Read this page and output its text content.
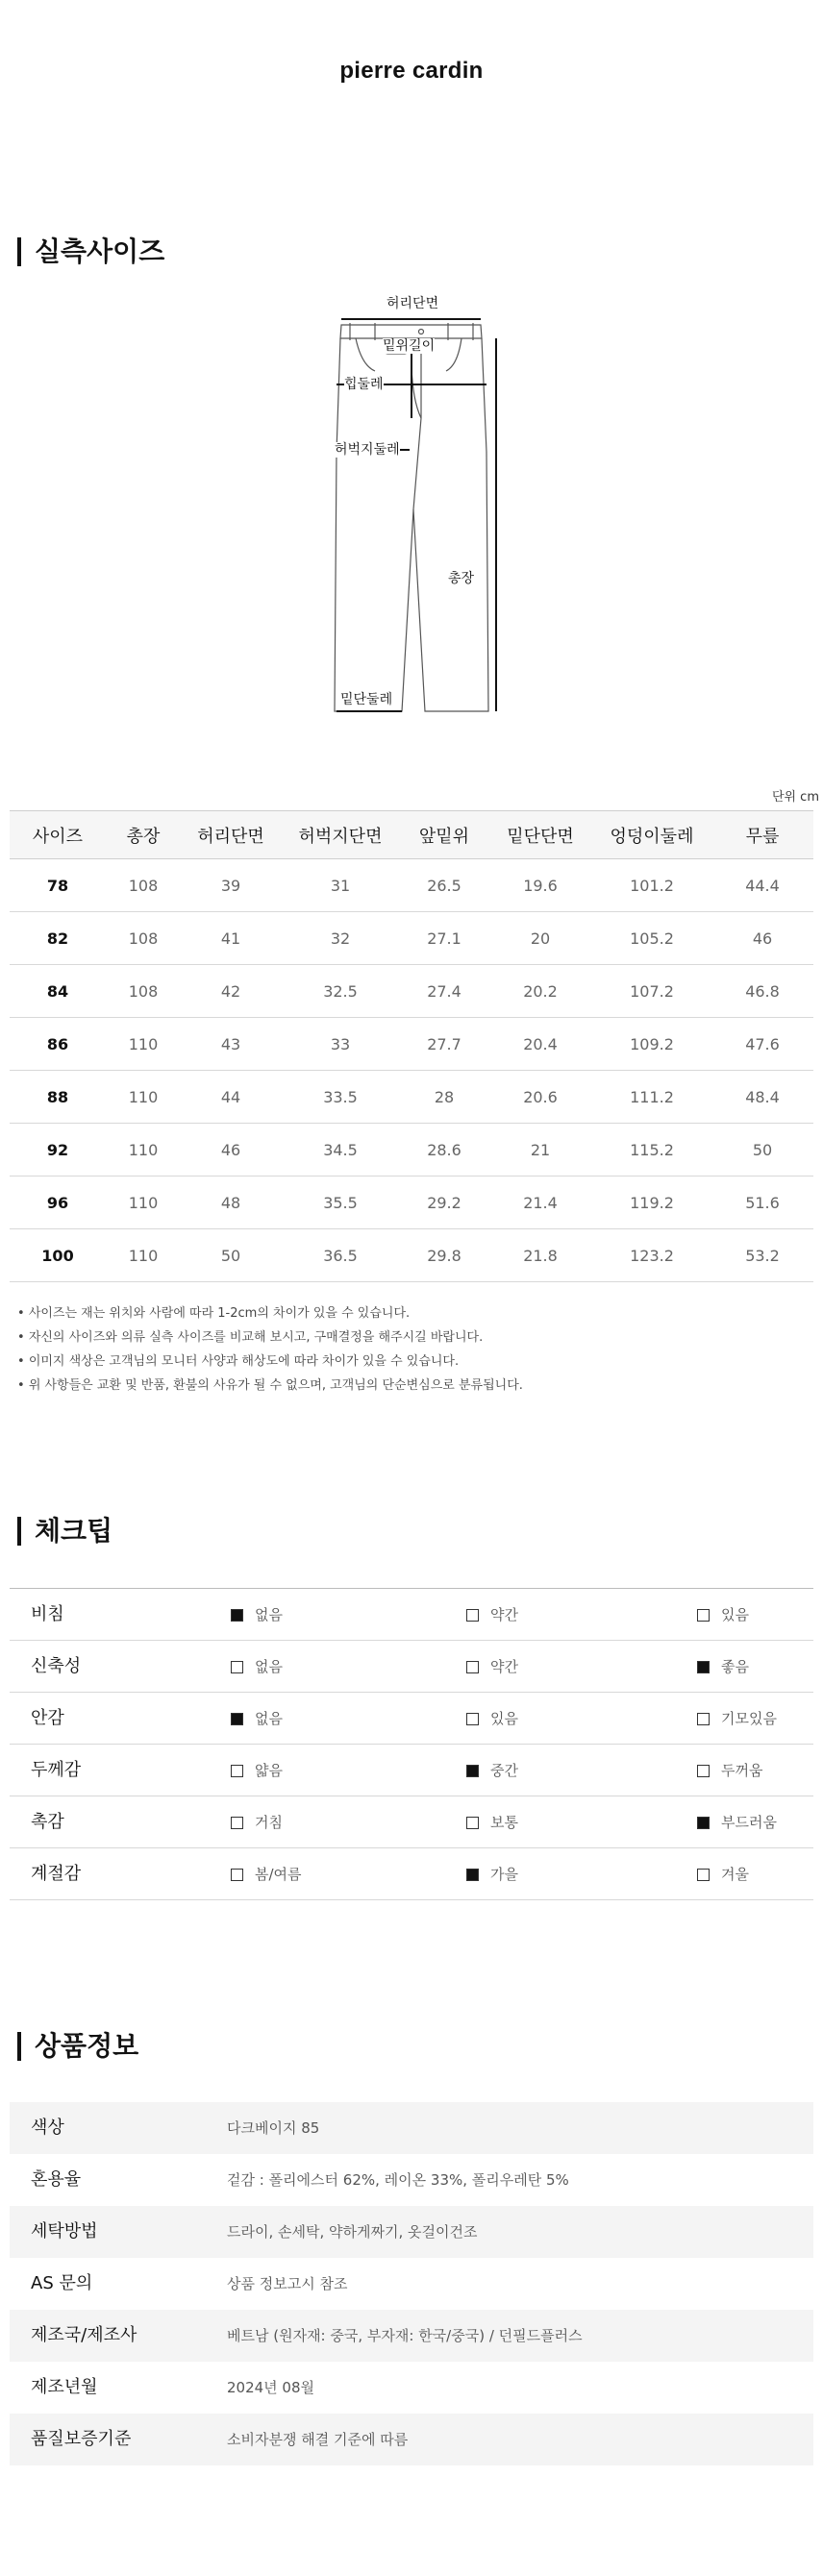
pierre cardin
실측사이즈
허리단면
밑위길이
힙둘레
허벅지둘레
총장
밑단둘레
단위 cm
사이즈	총장	허리단면	허벅지단면	앞밑위	밑단단면	엉덩이둘레	무릎
78	108	39	31	26.5	19.6	101.2	44.4
82	108	41	32	27.1	20	105.2	46
84	108	42	32.5	27.4	20.2	107.2	46.8
86	110	43	33	27.7	20.4	109.2	47.6
88	110	44	33.5	28	20.6	111.2	48.4
92	110	46	34.5	28.6	21	115.2	50
96	110	48	35.5	29.2	21.4	119.2	51.6
100	110	50	36.5	29.8	21.8	123.2	53.2
• 사이즈는 재는 위치와 사람에 따라 1-2cm의 차이가 있을 수 있습니다.
• 자신의 사이즈와 의류 실측 사이즈를 비교해 보시고, 구매결정을 해주시길 바랍니다.
• 이미지 색상은 고객님의 모니터 사양과 해상도에 따라 차이가 있을 수 있습니다.
• 위 사항들은 교환 및 반품, 환불의 사유가 될 수 없으며, 고객님의 단순변심으로 분류됩니다.
체크팁
비침	없음	약간	있음
신축성	없음	약간	좋음
안감	없음	있음	기모있음
두께감	얇음	중간	두꺼움
촉감	거침	보통	부드러움
계절감	봄/여름	가을	겨울
상품정보
색상	다크베이지 85
혼용율	겉감 : 폴리에스터 62%, 레이온 33%, 폴리우레탄 5%
세탁방법	드라이, 손세탁, 약하게짜기, 옷걸이건조
AS 문의	상품 정보고시 참조
제조국/제조사	베트남 (원자재: 중국, 부자재: 한국/중국) / 던필드플러스
제조년월	2024년 08월
품질보증기준	소비자분쟁 해결 기준에 따름
